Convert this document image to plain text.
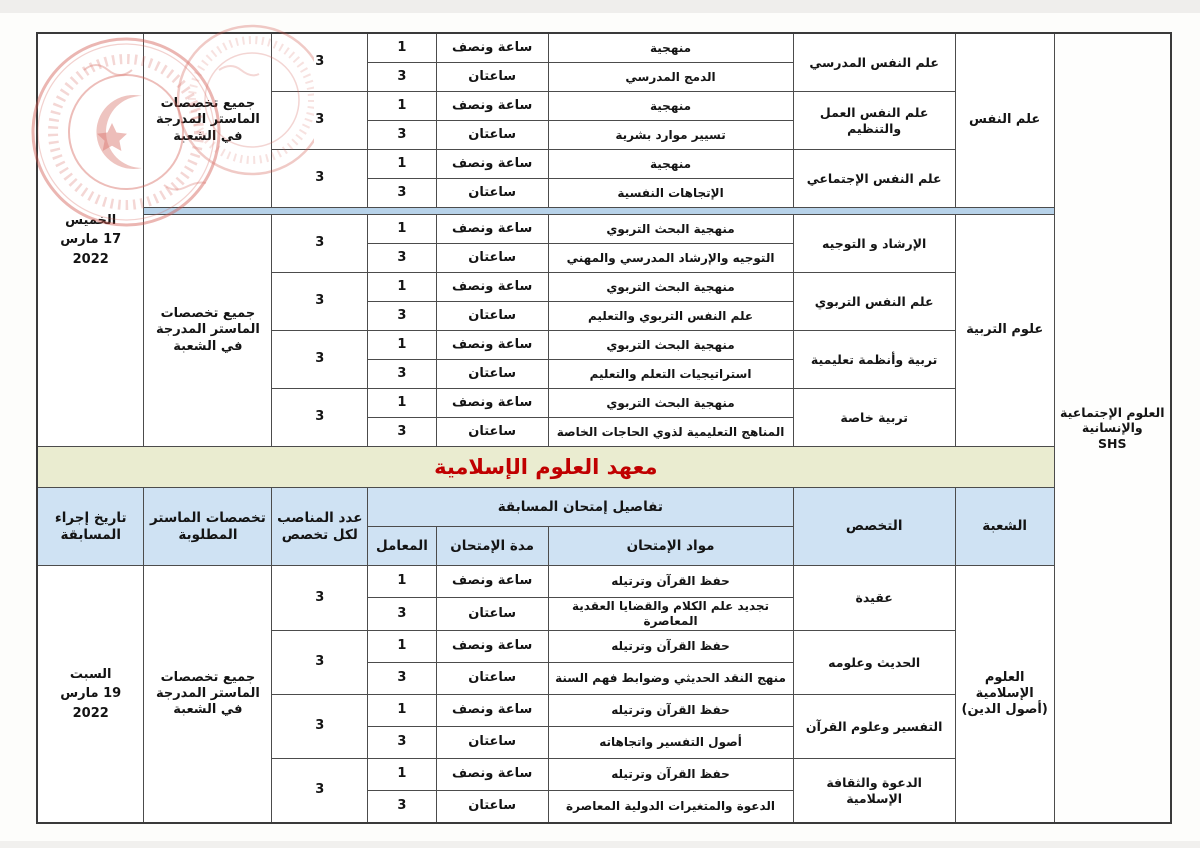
العلوم الإجتماعية
والإنسانية
SHS
	علم النفس	علم النفس المدرسي	منهجية	ساعة ونصف	1	3	جميع تخصصات الماستر المدرجة في الشعبة	
الخميس
17 مارس 2022

			الدمج المدرسي	ساعتان	3			
		علم النفس العمل والتنظيم	منهجية	ساعة ونصف	1	3		
			تسيير موارد بشرية	ساعتان	3			
		علم النفس الإجتماعي	منهجية	ساعة ونصف	1	3		
			الإتجاهات النفسية	ساعتان	3			

	علوم التربية	الإرشاد و التوجيه	منهجية البحث التربوي	ساعة ونصف	1	3	جميع تخصصات الماستر المدرجة في الشعبة	
			التوجيه والإرشاد المدرسي والمهني	ساعتان	3			
		علم النفس التربوي	منهجية البحث التربوي	ساعة ونصف	1	3		
			علم النفس التربوي والتعليم	ساعتان	3			
		تربية وأنظمة تعليمية	منهجية البحث التربوي	ساعة ونصف	1	3		
			استراتيجيات التعلم والتعليم	ساعتان	3			
		تربية خاصة	منهجية البحث التربوي	ساعة ونصف	1	3		
			المناهج التعليمية لذوي الحاجات الخاصة	ساعتان	3			
	معهد العلوم الإسلامية							
	الشعبة	التخصص	تفاصيل إمتحان المسابقة			عدد المناصب لكل تخصص	تخصصات الماستر المطلوبة	تاريخ إجراء المسابقة
			مواد الإمتحان	مدة الإمتحان	المعامل			
	العلوم الإسلامية (أصول الدين)	عقيدة	حفظ القرآن وترتيله	ساعة ونصف	1	3	جميع تخصصات الماستر المدرجة في الشعبة	السبت
19 مارس 2022

			تجديد علم الكلام والقضايا العقدية المعاصرة	ساعتان	3			
		الحديث وعلومه	حفظ القرآن وترتيله	ساعة ونصف	1	3		
			منهج النقد الحديثي وضوابط فهم السنة	ساعتان	3			
		التفسير وعلوم القرآن	حفظ القرآن وترتيله	ساعة ونصف	1	3		
			أصول التفسير واتجاهاته	ساعتان	3			
		الدعوة والثقافة الإسلامية	حفظ القرآن وترتيله	ساعة ونصف	1	3		
			الدعوة والمتغيرات الدولية المعاصرة	ساعتان	3			
